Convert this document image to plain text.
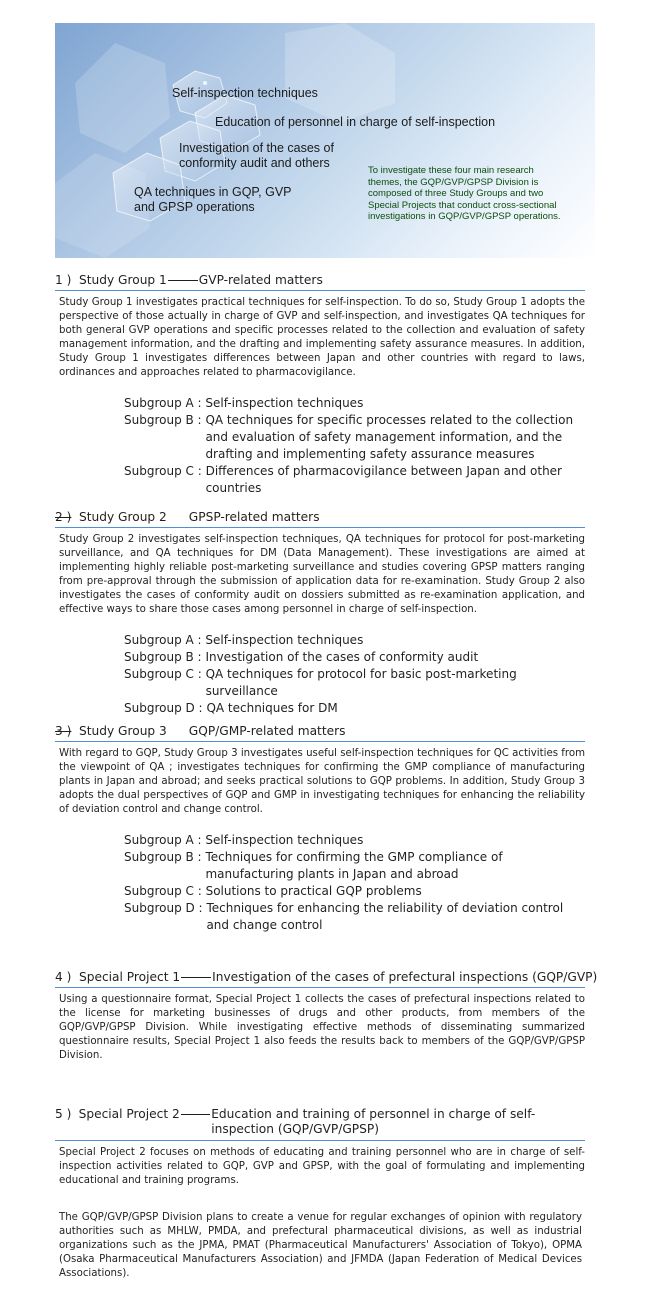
Self-inspection techniques
Education of personnel in charge of self-inspection
Investigation of the cases of conformity audit and others
QA techniques in GQP, GVP and GPSP operations
To investigate these four main research themes, the GQP/GVP/GPSP Division is composed of three Study Groups and two Special Projects that conduct cross-sectional investigations in GQP/GVP/GPSP operations.
1 ) Study Group 1	GVP-related matters
Study Group 1 investigates practical techniques for self-inspection. To do so, Study Group 1 adopts the perspective of those actually in charge of GVP and self-inspection, and investigates QA techniques for both general GVP operations and specific processes related to the collection and evaluation of safety management information, and the drafting and implementing safety assurance measures. In addition, Study Group 1 investigates differences between Japan and other countries with regard to laws, ordinances and approaches related to pharmacovigilance.
Subgroup A :
Self-inspection techniques
Subgroup B :
QA techniques for specific processes related to the collection and evaluation of safety management information, and the drafting and implementing safety assurance measures
Subgroup C :
Differences of pharmacovigilance between Japan and other countries
2 ) Study Group 2 GPSP-related matters
Study Group 2 investigates self-inspection techniques, QA techniques for protocol for post-marketing surveillance, and QA techniques for DM (Data Management). These investigations are aimed at implementing highly reliable post-marketing surveillance and studies covering GPSP matters ranging from pre-approval through the submission of application data for re-examination. Study Group 2 also investigates the cases of conformity audit on dossiers submitted as re-examination application, and effective ways to share those cases among personnel in charge of self-inspection.
Subgroup A :
Self-inspection techniques
Subgroup B :
Investigation of the cases of conformity audit
Subgroup C :
QA techniques for protocol for basic post-marketing surveillance
Subgroup D :
QA techniques for DM
3 ) Study Group 3 GQP/GMP-related matters
With regard to GQP, Study Group 3 investigates useful self-inspection techniques for QC activities from the viewpoint of QA ; investigates techniques for confirming the GMP compliance of manufacturing plants in Japan and abroad; and seeks practical solutions to GQP problems. In addition, Study Group 3 adopts the dual perspectives of GQP and GMP in investigating techniques for enhancing the reliability of deviation control and change control.
Subgroup A :
Self-inspection techniques
Subgroup B :
Techniques for confirming the GMP compliance of manufacturing plants in Japan and abroad
Subgroup C :
Solutions to practical GQP problems
Subgroup D :
Techniques for enhancing the reliability of deviation control and change control
4 ) Special Project 1	Investigation of the cases of prefectural inspections (GQP/GVP)
Using a questionnaire format, Special Project 1 collects the cases of prefectural inspections related to the license for marketing businesses of drugs and other products, from members of the GQP/GVP/GPSP Division. While investigating effective methods of disseminating summarized questionnaire results, Special Project 1 also feeds the results back to members of the GQP/GVP/GPSP Division.
5 ) Special Project 2	Education and training of personnel in charge of self-inspection (GQP/GVP/GPSP)
Special Project 2 focuses on methods of educating and training personnel who are in charge of self-inspection activities related to GQP, GVP and GPSP, with the goal of formulating and implementing educational and training programs.
The GQP/GVP/GPSP Division plans to create a venue for regular exchanges of opinion with regulatory authorities such as MHLW, PMDA, and prefectural pharmaceutical divisions, as well as industrial organizations such as the JPMA, PMAT (Pharmaceutical Manufacturers' Association of Tokyo), OPMA (Osaka Pharmaceutical Manufacturers Association) and JFMDA (Japan Federation of Medical Devices Associations).
